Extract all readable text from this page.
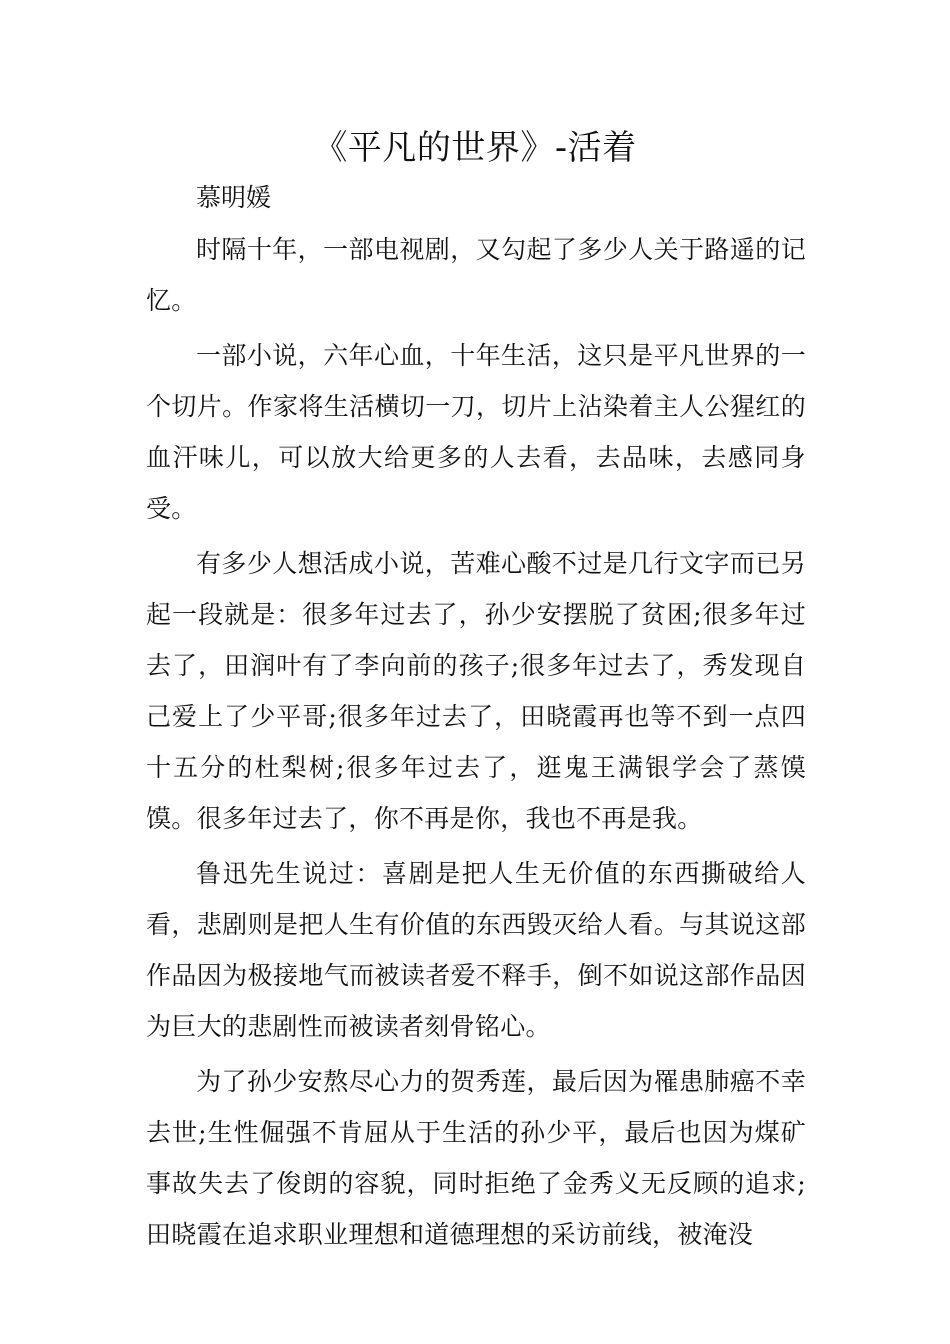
《平凡的世界》-活着
慕明媛

时隔十年，一部电视剧，又勾起了多少人关于路遥的记忆。

一部小说，六年心血，十年生活，这只是平凡世界的一个切片。作家将生活横切一刀，切片上沾染着主人公猩红的血汗味儿，可以放大给更多的人去看，去品味，去感同身受。

有多少人想活成小说，苦难心酸不过是几行文字而已另起一段就是：很多年过去了，孙少安摆脱了贫困;很多年过去了，田润叶有了李向前的孩子;很多年过去了，秀发现自己爱上了少平哥;很多年过去了，田晓霞再也等不到一点四十五分的杜梨树;很多年过去了，逛鬼王满银学会了蒸馍馍。很多年过去了，你不再是你，我也不再是我。

鲁迅先生说过：喜剧是把人生无价值的东西撕破给人看，悲剧则是把人生有价值的东西毁灭给人看。与其说这部作品因为极接地气而被读者爱不释手，倒不如说这部作品因为巨大的悲剧性而被读者刻骨铭心。

为了孙少安熬尽心力的贺秀莲，最后因为罹患肺癌不幸去世;生性倔强不肯屈从于生活的孙少平，最后也因为煤矿事故失去了俊朗的容貌，同时拒绝了金秀义无反顾的追求;田晓霞在追求职业理想和道德理想的采访前线，被淹没
